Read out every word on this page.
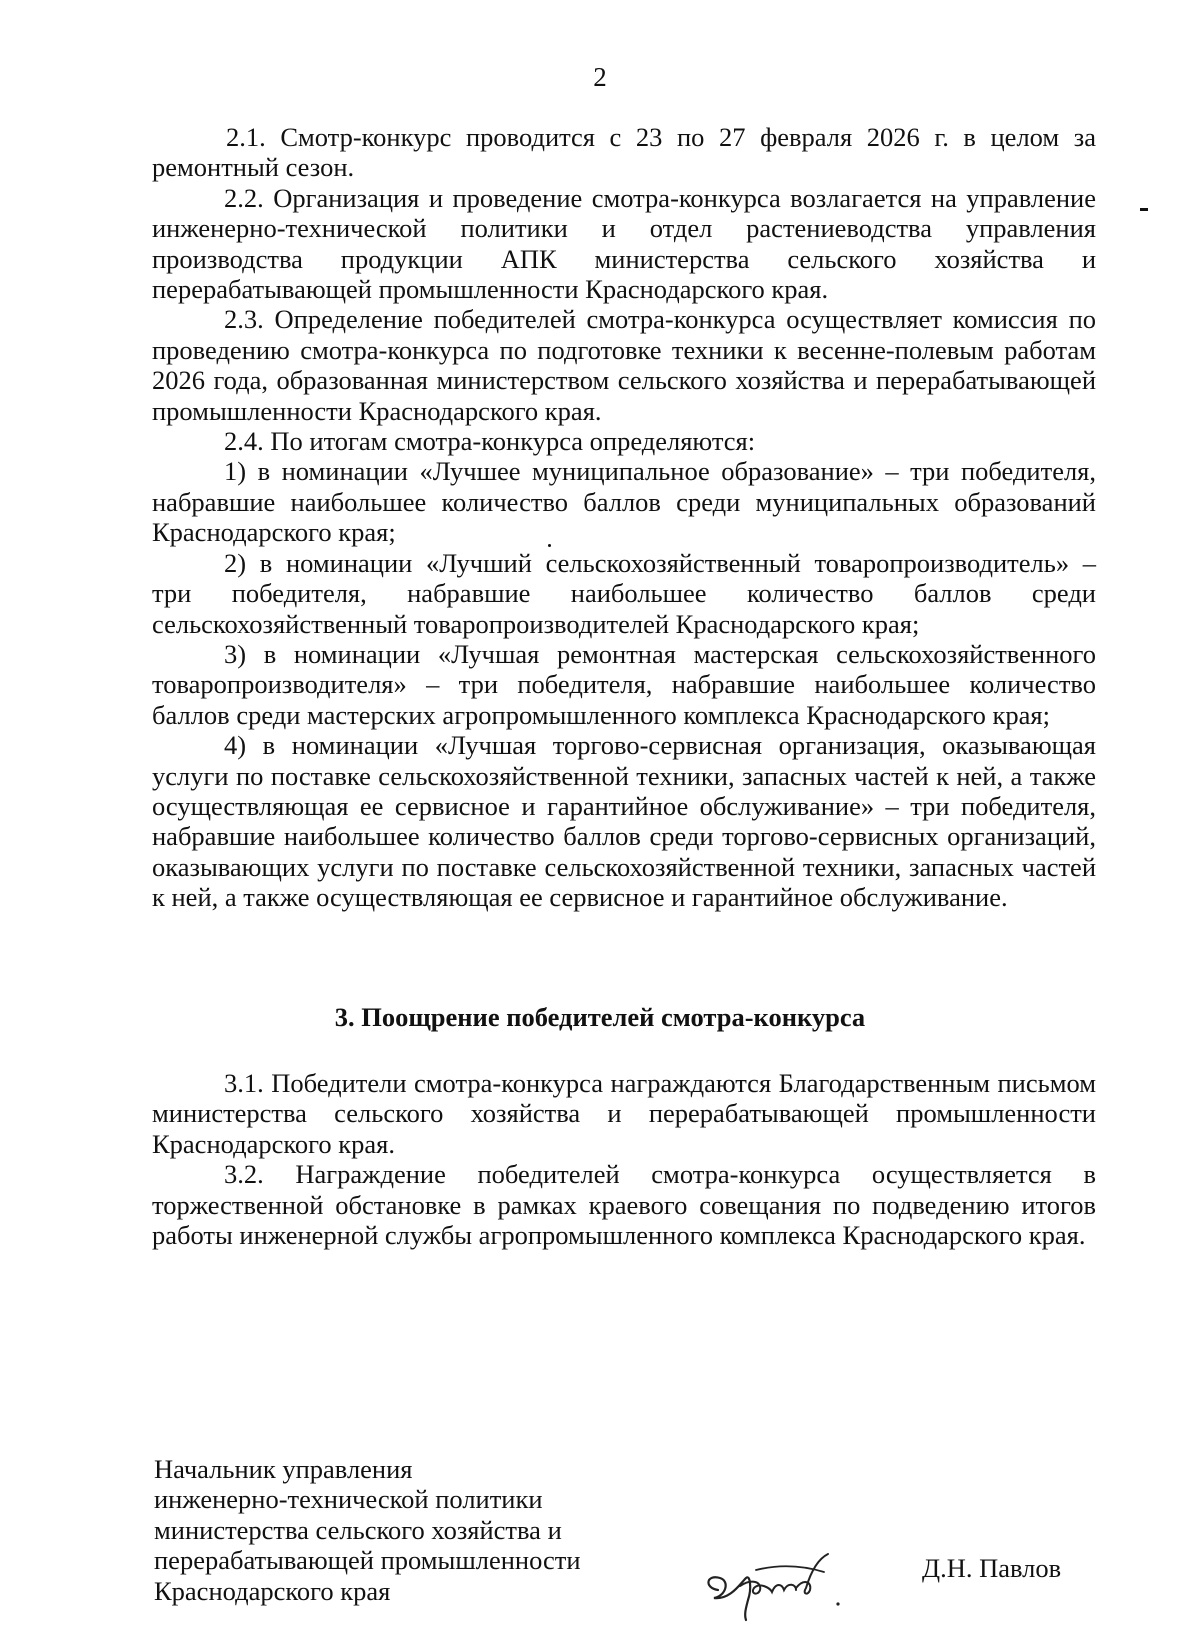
2

2.1. Смотр-конкурс проводится с 23 по 27 февраля 2026 г. в целом за ремонтный сезон.

2.2. Организация и проведение смотра-конкурса возлагается на управление инженерно-технической политики и отдел растениеводства управления производства продукции АПК министерства сельского хозяйства и перерабатывающей промышленности Краснодарского края.

2.3. Определение победителей смотра-конкурса осуществляет комиссия по проведению смотра-конкурса по подготовке техники к весенне-полевым работам 2026 года, образованная министерством сельского хозяйства и перерабатывающей промышленности Краснодарского края.

2.4. По итогам смотра-конкурса определяются:

1) в номинации «Лучшее муниципальное образование» – три победителя, набравшие наибольшее количество баллов среди муниципальных образований Краснодарского края;

2) в номинации «Лучший сельскохозяйственный товаропроизводитель» – три победителя, набравшие наибольшее количество баллов среди сельскохозяйственный товаропроизводителей Краснодарского края;

3) в номинации «Лучшая ремонтная мастерская сельскохозяйственного товаропроизводителя» – три победителя, набравшие наибольшее количество баллов среди мастерских агропромышленного комплекса Краснодарского края;

4) в номинации «Лучшая торгово-сервисная организация, оказывающая услуги по поставке сельскохозяйственной техники, запасных частей к ней, а также осуществляющая ее сервисное и гарантийное обслуживание» – три победителя, набравшие наибольшее количество баллов среди торгово-сервисных организаций, оказывающих услуги по поставке сельскохозяйственной техники, запасных частей к ней, а также осуществляющая ее сервисное и гарантийное обслуживание.

3. Поощрение победителей смотра-конкурса

3.1. Победители смотра-конкурса награждаются Благодарственным письмом министерства сельского хозяйства и перерабатывающей промышленности Краснодарского края.

3.2. Награждение победителей смотра-конкурса осуществляется в торжественной обстановке в рамках краевого совещания по подведению итогов работы инженерной службы агропромышленного комплекса Краснодарского края.

Начальник управления
инженерно-технической политики
министерства сельского хозяйства и
перерабатывающей промышленности
Краснодарского края
Д.Н. Павлов
